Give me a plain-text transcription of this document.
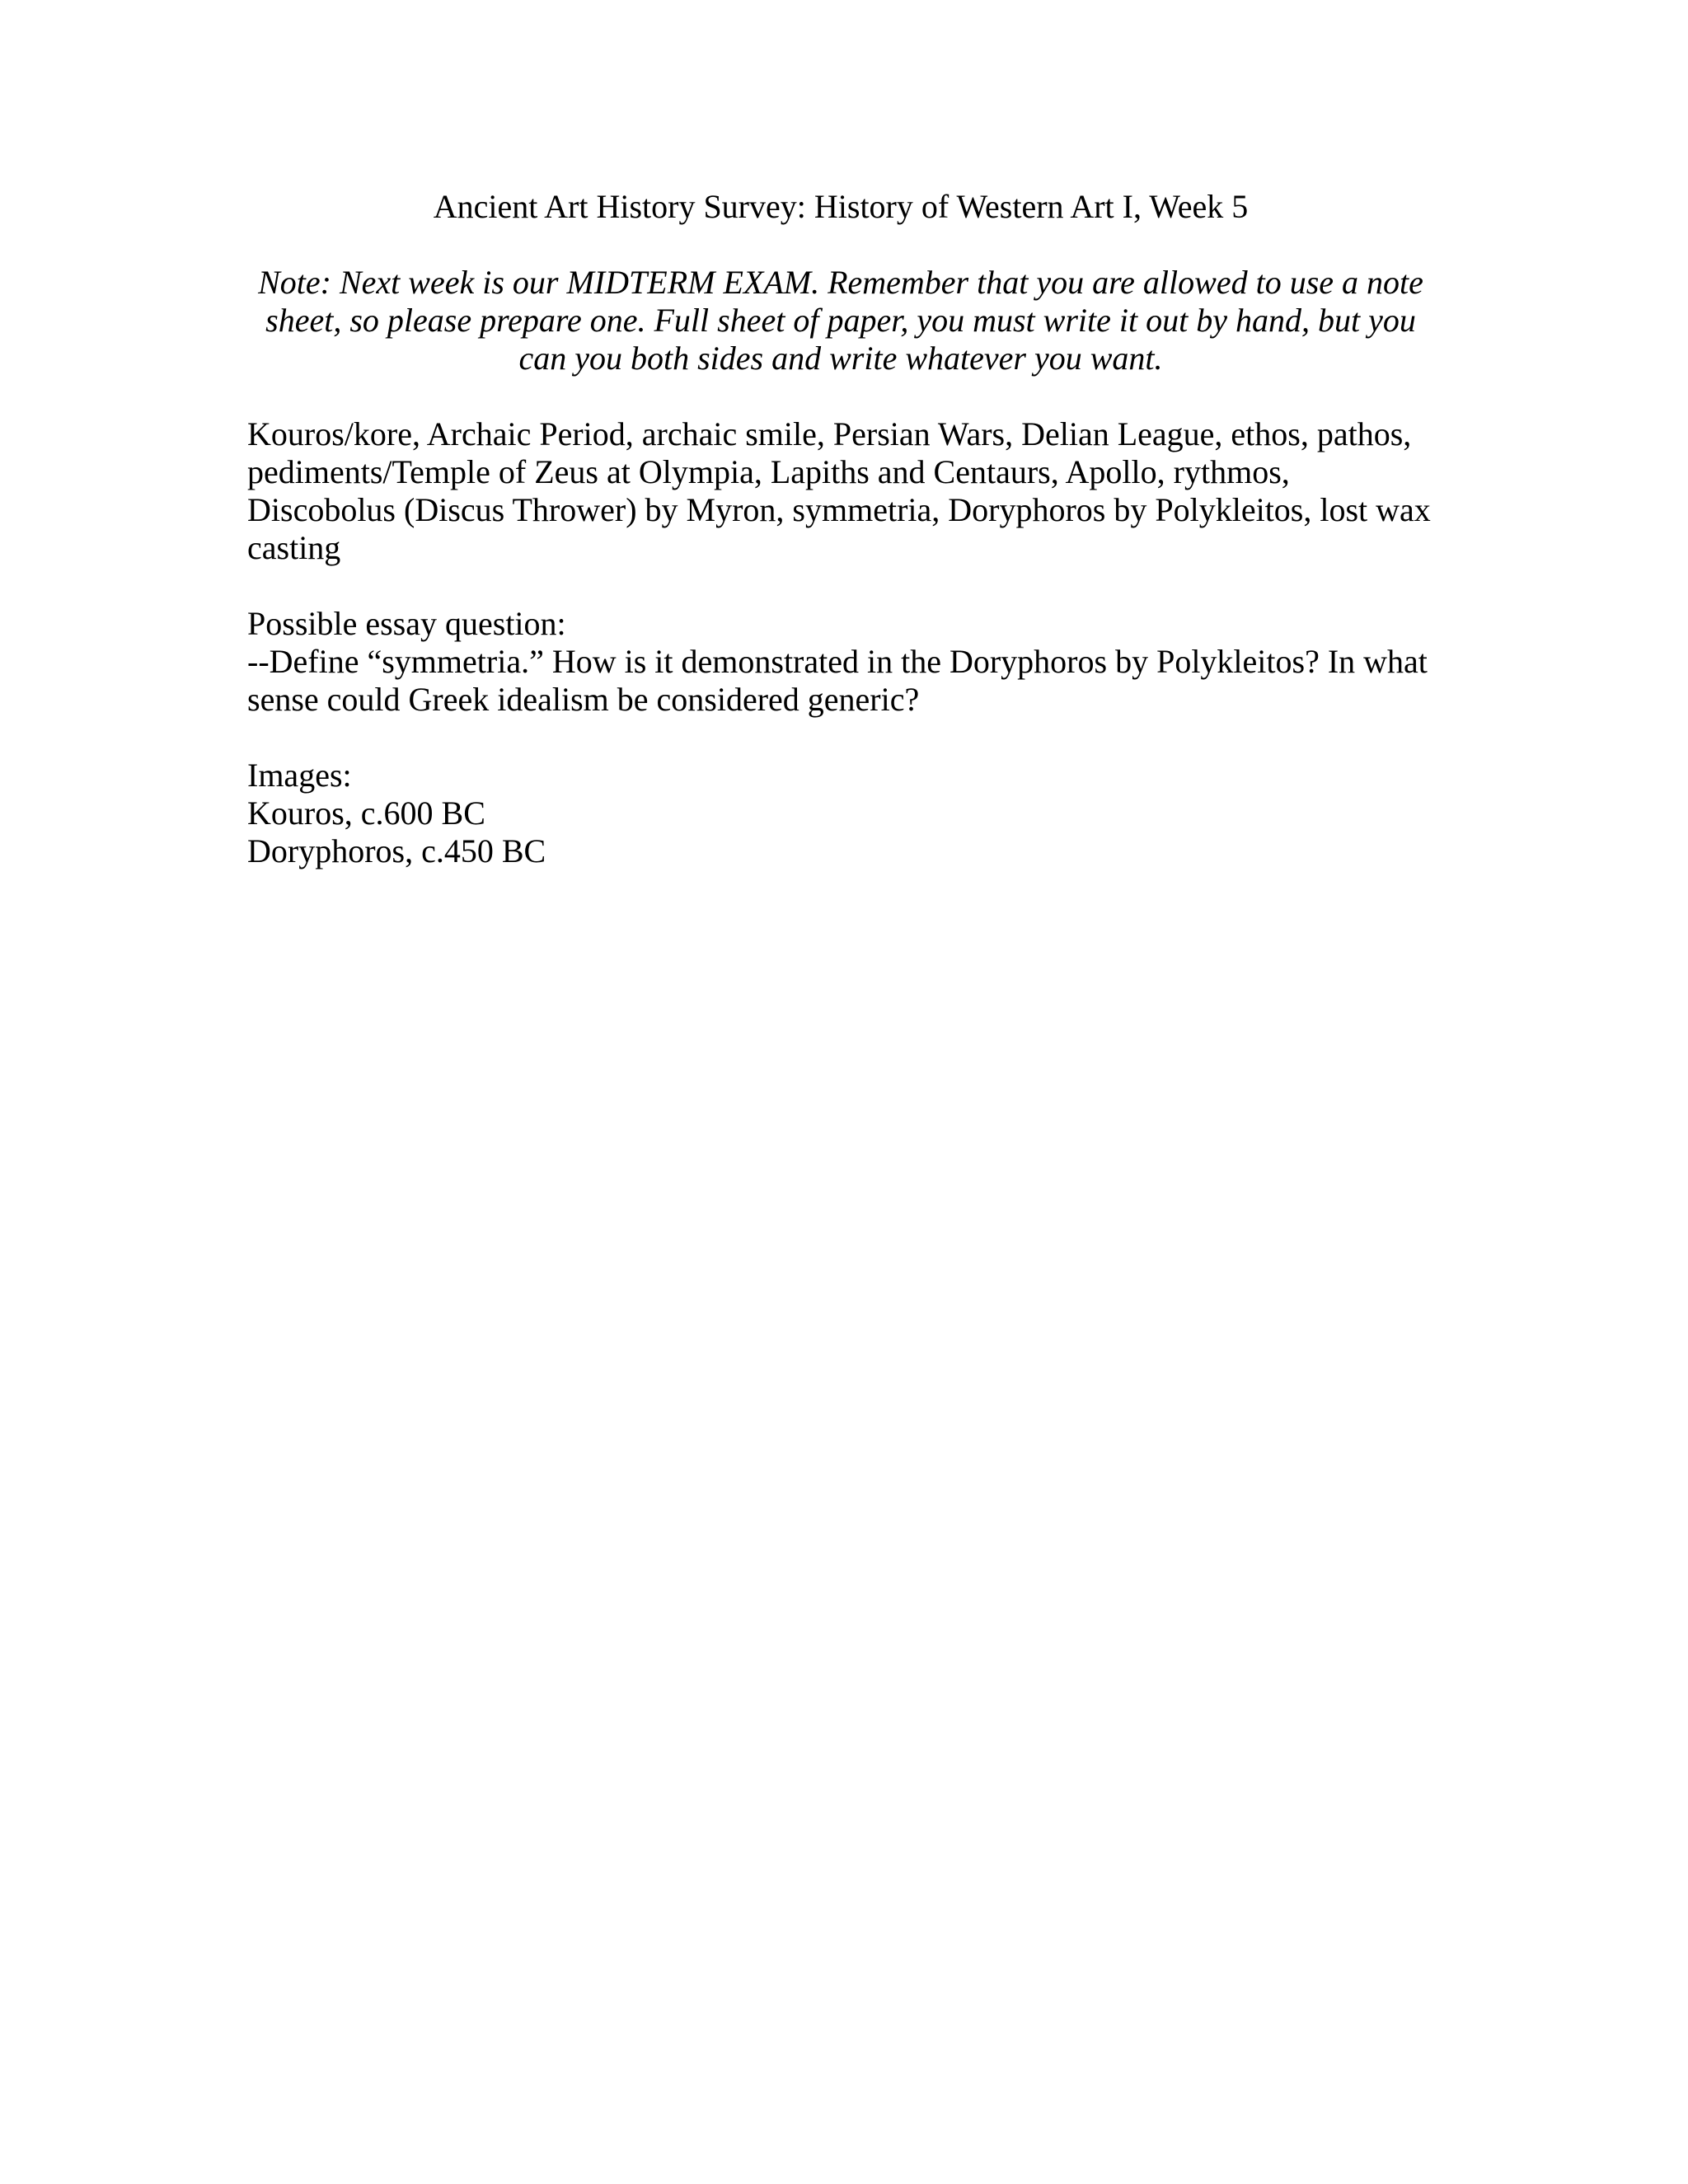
Ancient Art History Survey: History of Western Art I, Week 5

Note: Next week is our MIDTERM EXAM. Remember that you are allowed to use a note sheet, so please prepare one. Full sheet of paper, you must write it out by hand, but you can you both sides and write whatever you want.

Kouros/kore, Archaic Period, archaic smile, Persian Wars, Delian League, ethos, pathos, pediments/Temple of Zeus at Olympia, Lapiths and Centaurs, Apollo, rythmos, Discobolus (Discus Thrower) by Myron, symmetria, Doryphoros by Polykleitos, lost wax casting

Possible essay question:
--Define “symmetria.” How is it demonstrated in the Doryphoros by Polykleitos? In what sense could Greek idealism be considered generic?
Images:
Kouros, c.600 BC
Doryphoros, c.450 BC
